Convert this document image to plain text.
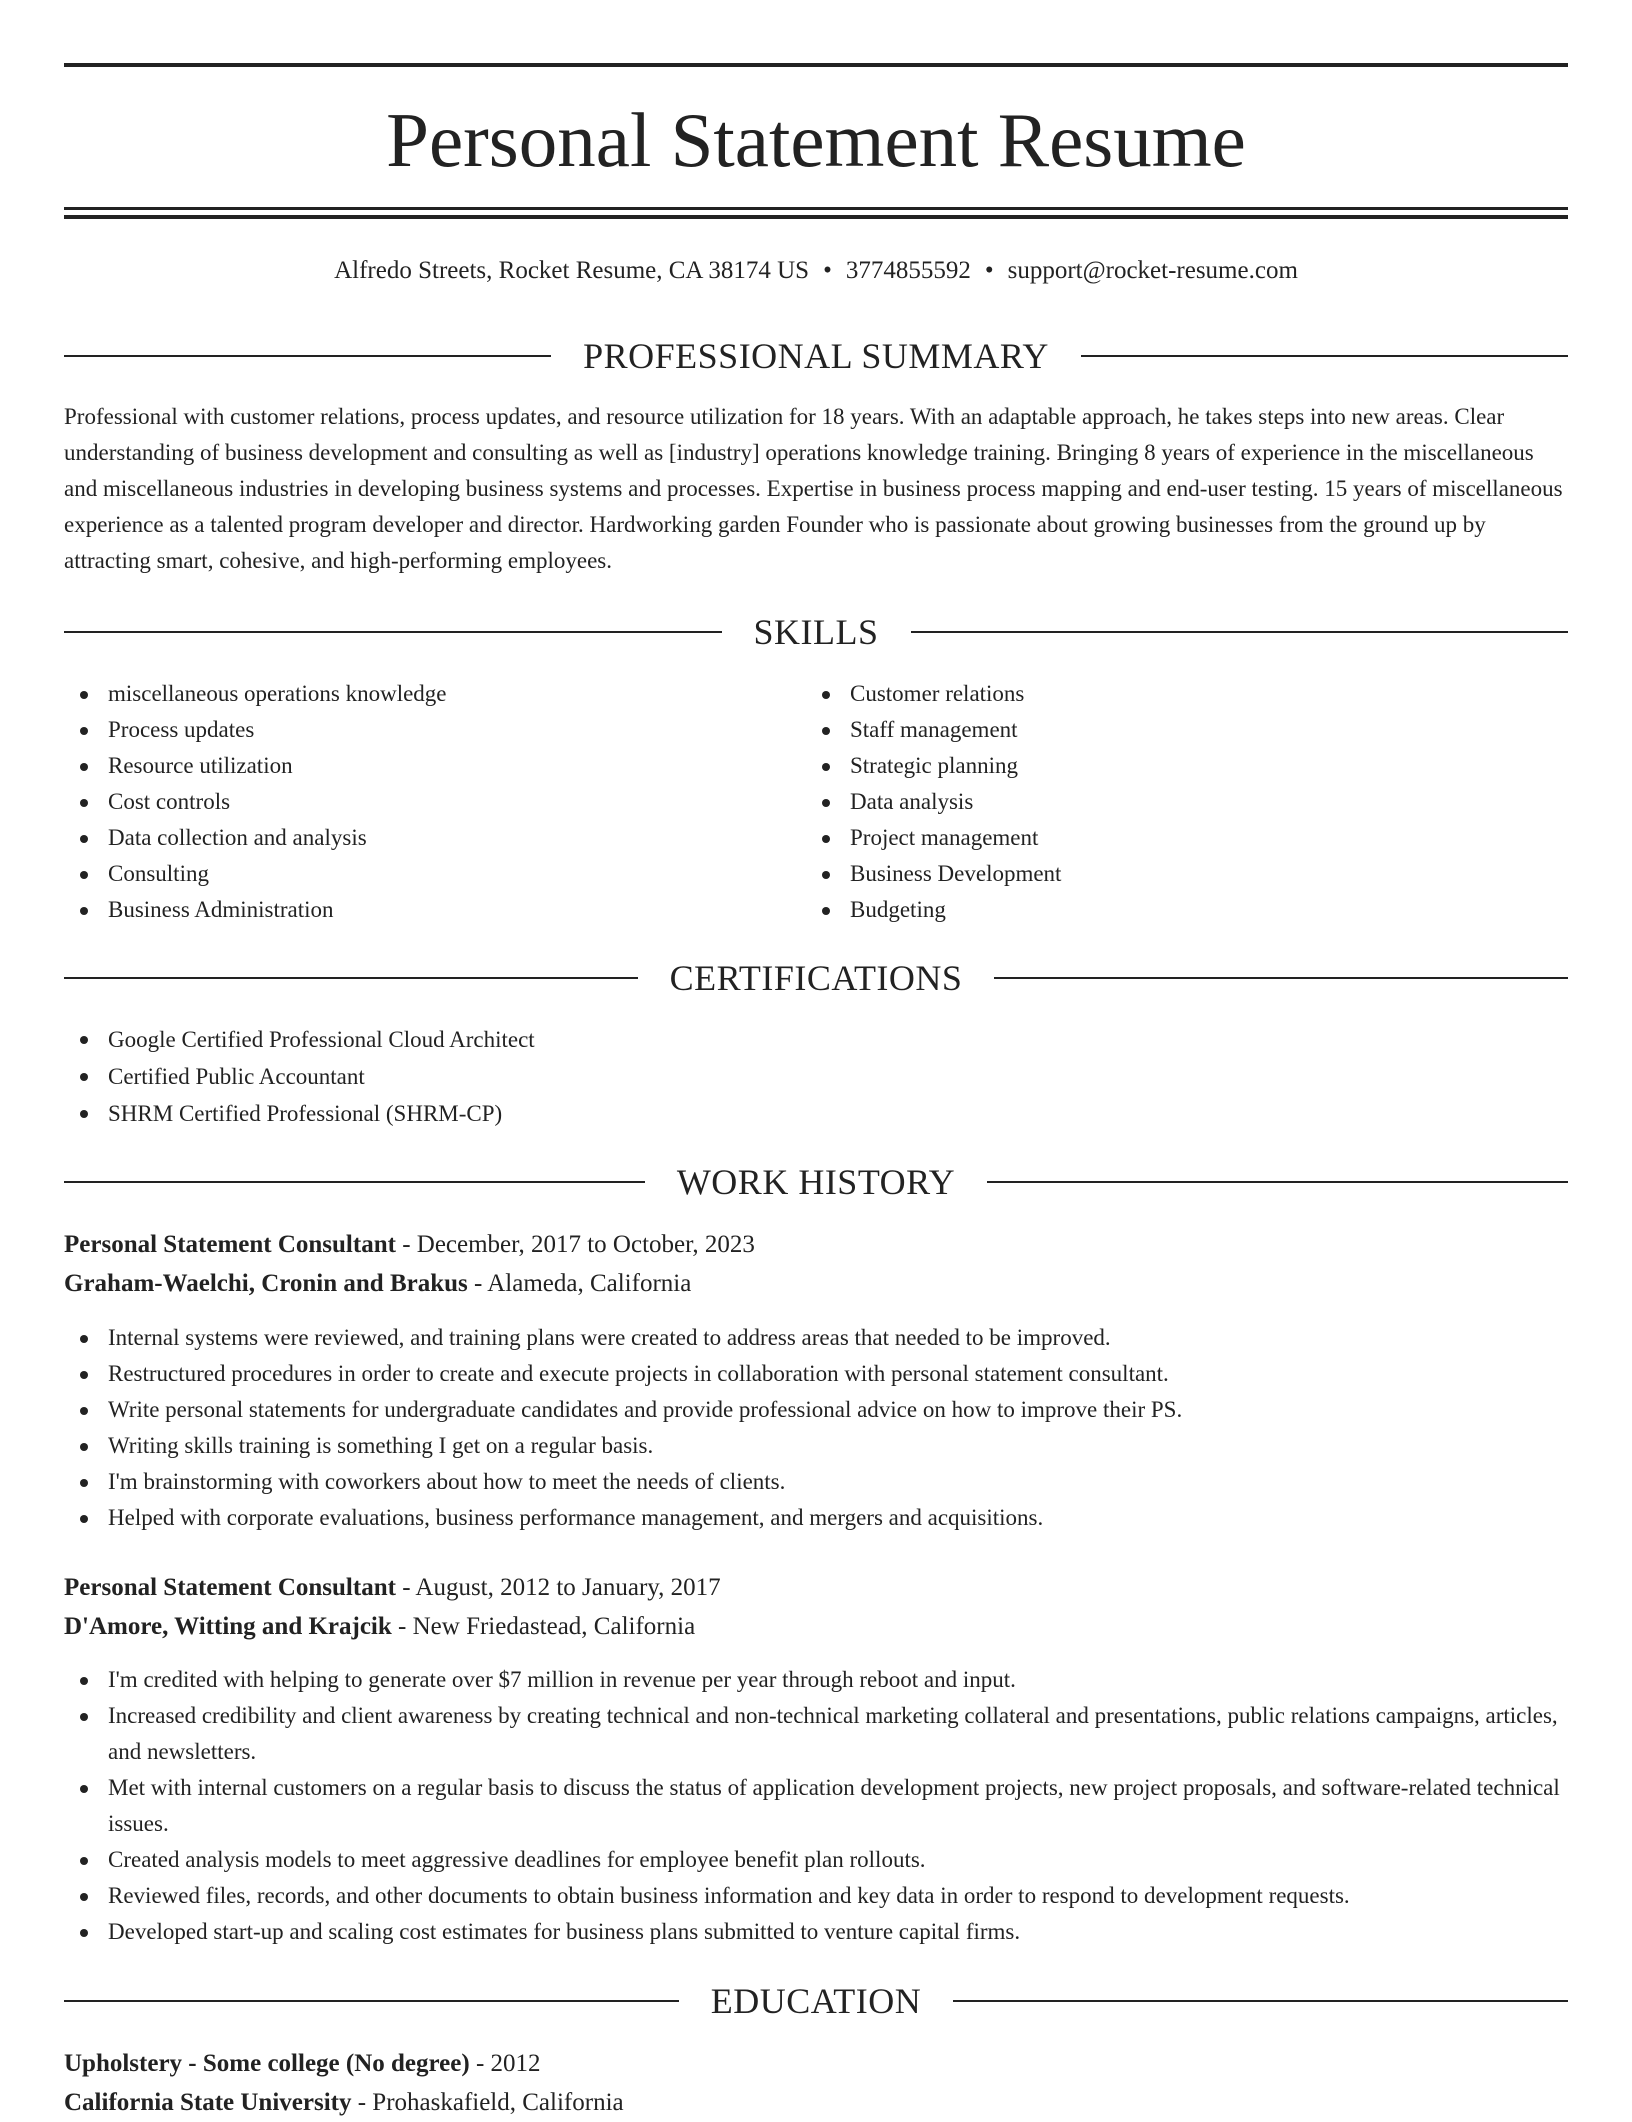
Personal Statement Resume
Alfredo Streets, Rocket Resume, CA 38174 US • 3774855592 • support@rocket-resume.com
PROFESSIONAL SUMMARY

Professional with customer relations, process updates, and resource utilization for 18 years. With an adaptable approach, he takes steps into new areas. Clear understanding of business development and consulting as well as [industry] operations knowledge training. Bringing 8 years of experience in the miscellaneous and miscellaneous industries in developing business systems and processes. Expertise in business process mapping and end-user testing. 15 years of miscellaneous experience as a talented program developer and director. Hardworking garden Founder who is passionate about growing businesses from the ground up by attracting smart, cohesive, and high-performing employees.

SKILLS
miscellaneous operations knowledge
Process updates
Resource utilization
Cost controls
Data collection and analysis
Consulting
Business Administration
Customer relations
Staff management
Strategic planning
Data analysis
Project management
Business Development
Budgeting
CERTIFICATIONS
Google Certified Professional Cloud Architect
Certified Public Accountant
SHRM Certified Professional (SHRM-CP)
WORK HISTORY
Personal Statement Consultant - December, 2017 to October, 2023
Graham-Waelchi, Cronin and Brakus - Alameda, California
Internal systems were reviewed, and training plans were created to address areas that needed to be improved.
Restructured procedures in order to create and execute projects in collaboration with personal statement consultant.
Write personal statements for undergraduate candidates and provide professional advice on how to improve their PS.
Writing skills training is something I get on a regular basis.
I'm brainstorming with coworkers about how to meet the needs of clients.
Helped with corporate evaluations, business performance management, and mergers and acquisitions.
Personal Statement Consultant - August, 2012 to January, 2017
D'Amore, Witting and Krajcik - New Friedastead, California
I'm credited with helping to generate over $7 million in revenue per year through reboot and input.
Increased credibility and client awareness by creating technical and non-technical marketing collateral and presentations, public relations campaigns, articles, and newsletters.
Met with internal customers on a regular basis to discuss the status of application development projects, new project proposals, and software-related technical issues.
Created analysis models to meet aggressive deadlines for employee benefit plan rollouts.
Reviewed files, records, and other documents to obtain business information and key data in order to respond to development requests.
Developed start-up and scaling cost estimates for business plans submitted to venture capital firms.
EDUCATION
Upholstery - Some college (No degree) - 2012
California State University - Prohaskafield, California
